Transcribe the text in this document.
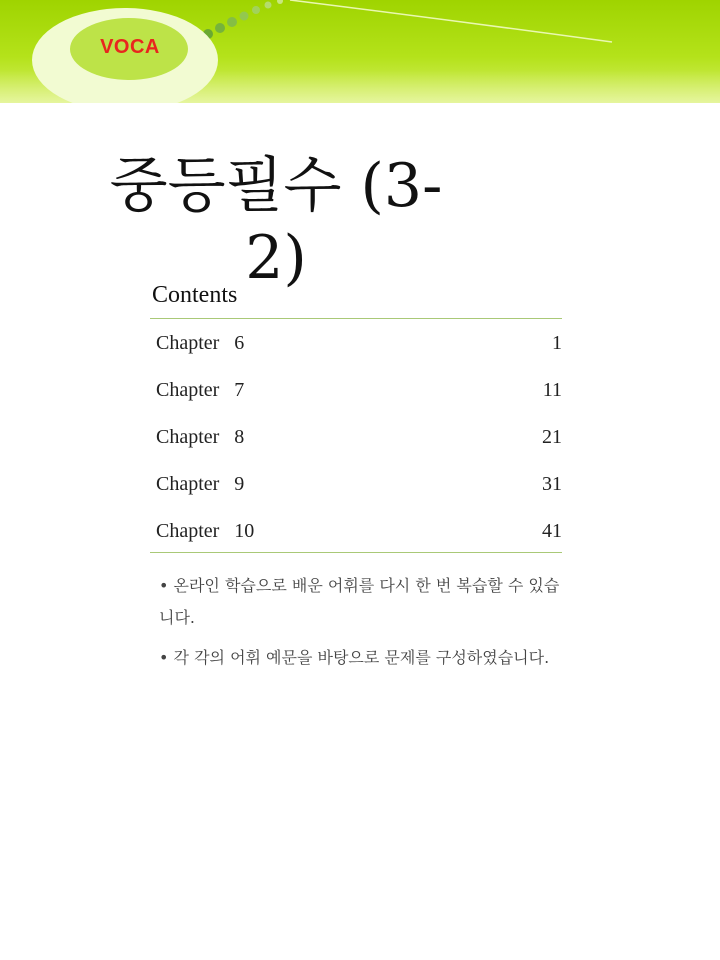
VOCA
중등필수 (3-
2)
Contents
Chapter   6	1
Chapter   7	11
Chapter   8	21
Chapter   9	31
Chapter   10	41
• 온라인 학습으로 배운 어휘를 다시 한 번 복습할 수 있습니다.
• 각 각의 어휘 예문을 바탕으로 문제를 구성하였습니다.
